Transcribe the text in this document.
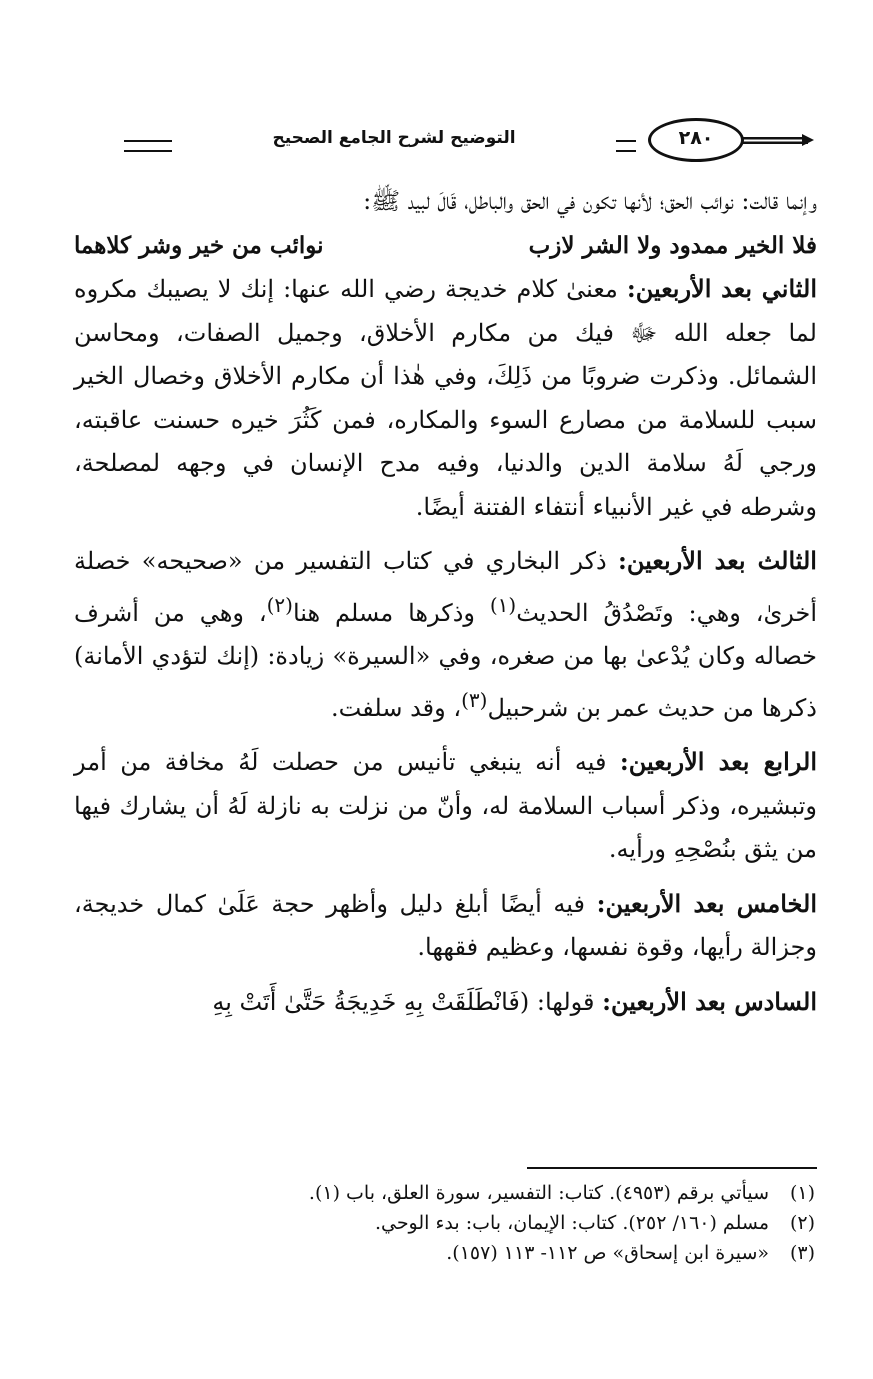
٢٨٠
التوضيح لشرح الجامع الصحيح

وإنما قالت: نوائب الحق؛ لأنها تكون في الحق والباطل، قَالَ لبيد ﷺ:

فلا الخير ممدود ولا الشر لازب
نوائب من خير وشر كلاهما

الثاني بعد الأربعين: معنىٰ كلام خديجة رضي الله عنها: إنك لا يصيبك مكروه لما جعله الله ﷻ فيك من مكارم الأخلاق، وجميل الصفات، ومحاسن الشمائل. وذكرت ضروبًا من ذَلِكَ، وفي هٰذا أن مكارم الأخلاق وخصال الخير سبب للسلامة من مصارع السوء والمكاره، فمن كَثُرَ خيره حسنت عاقبته، ورجي لَهُ سلامة الدين والدنيا، وفيه مدح الإنسان في وجهه لمصلحة، وشرطه في غير الأنبياء أنتفاء الفتنة أيضًا.

الثالث بعد الأربعين: ذكر البخاري في كتاب التفسير من «صحيحه» خصلة أخرىٰ، وهي: وتَصْدُقُ الحديث$^{(١)}$ وذكرها مسلم هنا$^{(٢)}$، وهي من أشرف خصاله وكان يُدْعىٰ بها من صغره، وفي «السيرة» زيادة: (إنك لتؤدي الأمانة) ذكرها من حديث عمر بن شرحبيل$^{(٣)}$، وقد سلفت.

الرابع بعد الأربعين: فيه أنه ينبغي تأنيس من حصلت لَهُ مخافة من أمر وتبشيره، وذكر أسباب السلامة له، وأنّ من نزلت به نازلة لَهُ أن يشارك فيها من يثق بنُصْحِهِ ورأيه.

الخامس بعد الأربعين: فيه أيضًا أبلغ دليل وأظهر حجة عَلَىٰ كمال خديجة، وجزالة رأيها، وقوة نفسها، وعظيم فقهها.

السادس بعد الأربعين: قولها: (فَانْطَلَقَتْ بِهِ خَدِيجَةُ حَتَّىٰ أَتَتْ بِهِ

(١)
سيأتي برقم (٤٩٥٣). كتاب: التفسير، سورة العلق، باب (١).
(٢)
مسلم (١٦٠/ ٢٥٢). كتاب: الإيمان، باب: بدء الوحي.
(٣)
«سيرة ابن إسحاق» ص ١١٢- ١١٣ (١٥٧).
